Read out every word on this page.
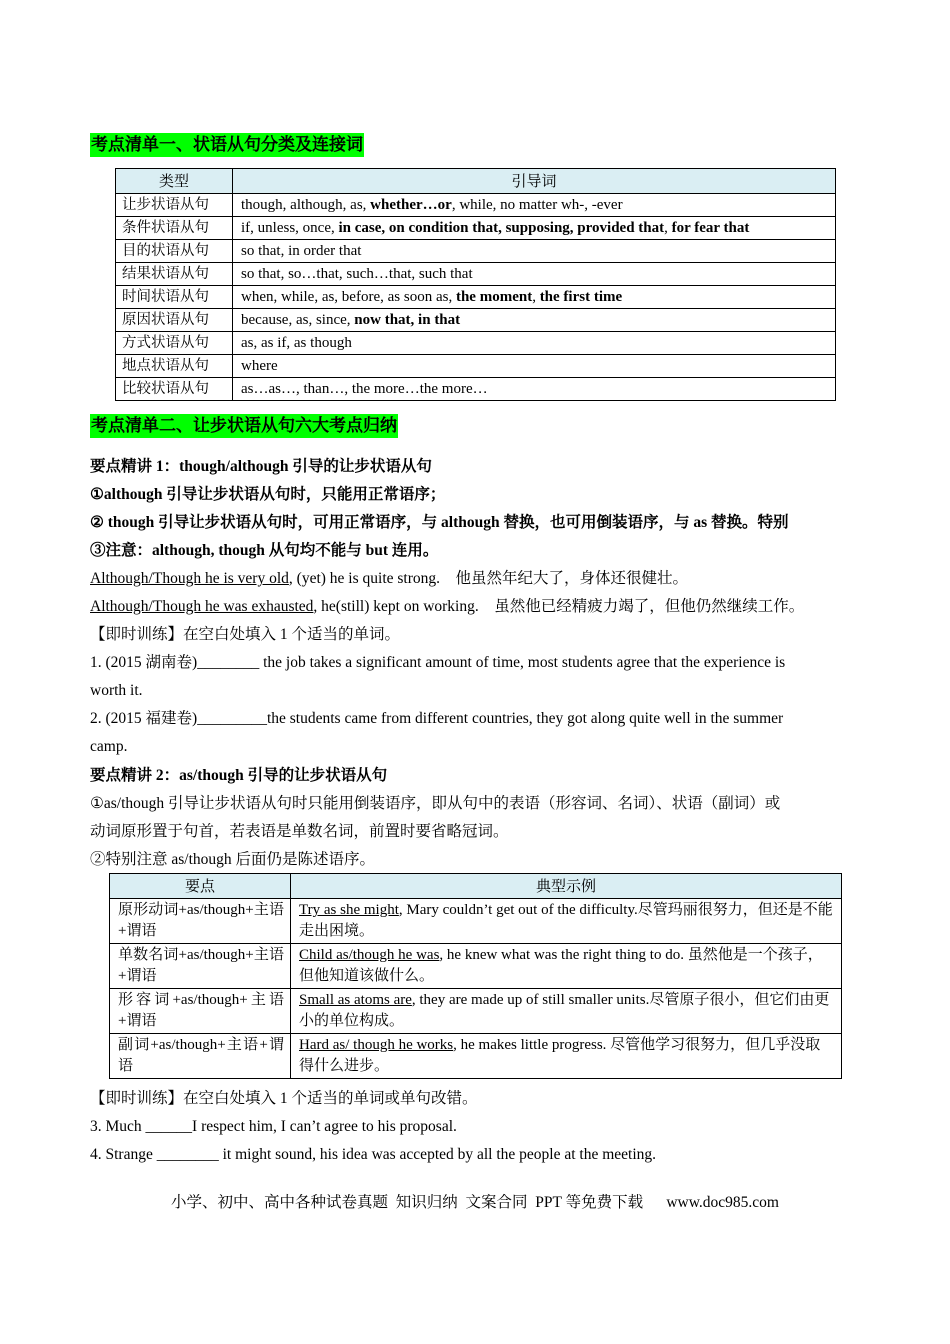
考点清单一、状语从句分类及连接词
类型	引导词
让步状语从句	though, although, as, whether…or, while, no matter wh-, -ever
条件状语从句	if, unless, once, in case, on condition that, supposing, provided that, for fear that
目的状语从句	so that, in order that
结果状语从句	so that, so…that, such…that, such that
时间状语从句	when, while, as, before, as soon as, the moment, the first time
原因状语从句	because, as, since, now that, in that
方式状语从句	as, as if, as though
地点状语从句	where
比较状语从句	as…as…, than…, the more…the more…
考点清单二、让步状语从句六大考点归纳
要点精讲 1：though/although 引导的让步状语从句
①although 引导让步状语从句时，只能用正常语序；
② though 引导让步状语从句时，可用正常语序，与 although 替换，也可用倒装语序，与 as 替换。特别
③注意：although, though 从句均不能与 but 连用。
Although/Though he is very old, (yet) he is quite strong.    他虽然年纪大了，身体还很健壮。
Although/Though he was exhausted, he(still) kept on working.    虽然他已经精疲力竭了，但他仍然继续工作。
【即时训练】在空白处填入 1 个适当的单词。
1. (2015 湖南卷)________ the job takes a significant amount of time, most students agree that the experience is
worth it.
2. (2015 福建卷)_________the students came from different countries, they got along quite well in the summer
camp.
要点精讲 2：as/though 引导的让步状语从句
①as/though 引导让步状语从句时只能用倒装语序，即从句中的表语（形容词、名词）、状语（副词）或
动词原形置于句首，若表语是单数名词，前置时要省略冠词。
②特别注意 as/though 后面仍是陈述语序。
要点	典型示例
原形动词+as/though+主语+谓语	Try as she might, Mary couldn’t get out of the difficulty.尽管玛丽很努力，但还是不能走出困境。
单数名词+as/though+主语+谓语	Child as/though he was, he knew what was the right thing to do. 虽然他是一个孩子，但他知道该做什么。
形容词+as/though+主语+谓语	Small as atoms are, they are made up of still smaller units.尽管原子很小，但它们由更小的单位构成。
副词+as/though+主语+谓语	Hard as/ though he works, he makes little progress. 尽管他学习很努力，但几乎没取得什么进步。
【即时训练】在空白处填入 1 个适当的单词或单句改错。
3. Much ______I respect him, I can’t agree to his proposal.
4. Strange ________ it might sound, his idea was accepted by all the people at the meeting.
小学、初中、高中各种试卷真题  知识归纳  文案合同  PPT 等免费下载      www.doc985.com
